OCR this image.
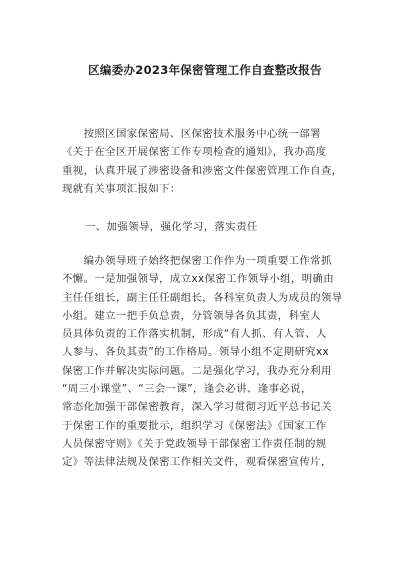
区编委办2023年保密管理工作自查整改报告
　　按照区国家保密局、区保密技术服务中心统一部署
《关于在全区开展保密工作专项检查的通知》，我办高度
重视，认真开展了涉密设备和涉密文件保密管理工作自查，
现就有关事项汇报如下：
一、加强领导，强化学习，落实责任
　　编办领导班子始终把保密工作作为一项重要工作常抓
不懈。一是加强领导，成立xx保密工作领导小组，明确由
主任任组长，副主任任副组长，各科室负责人为成员的领导
小组。建立一把手负总责，分管领导各负其责，科室人
员具体负责的工作落实机制，形成“有人抓、有人管、人
人参与、各负其责”的工作格局。领导小组不定期研究xx
保密工作并解决实际问题。二是强化学习，我办充分利用
“周三小课堂”、“三会一课”，逢会必讲、逢事必说，
常态化加强干部保密教育，深入学习贯彻习近平总书记关
于保密工作的重要批示，组织学习《保密法》《国家工作
人员保密守则》《关于党政领导干部保密工作责任制的规
定》等法律法规及保密工作相关文件，观看保密宣传片，
